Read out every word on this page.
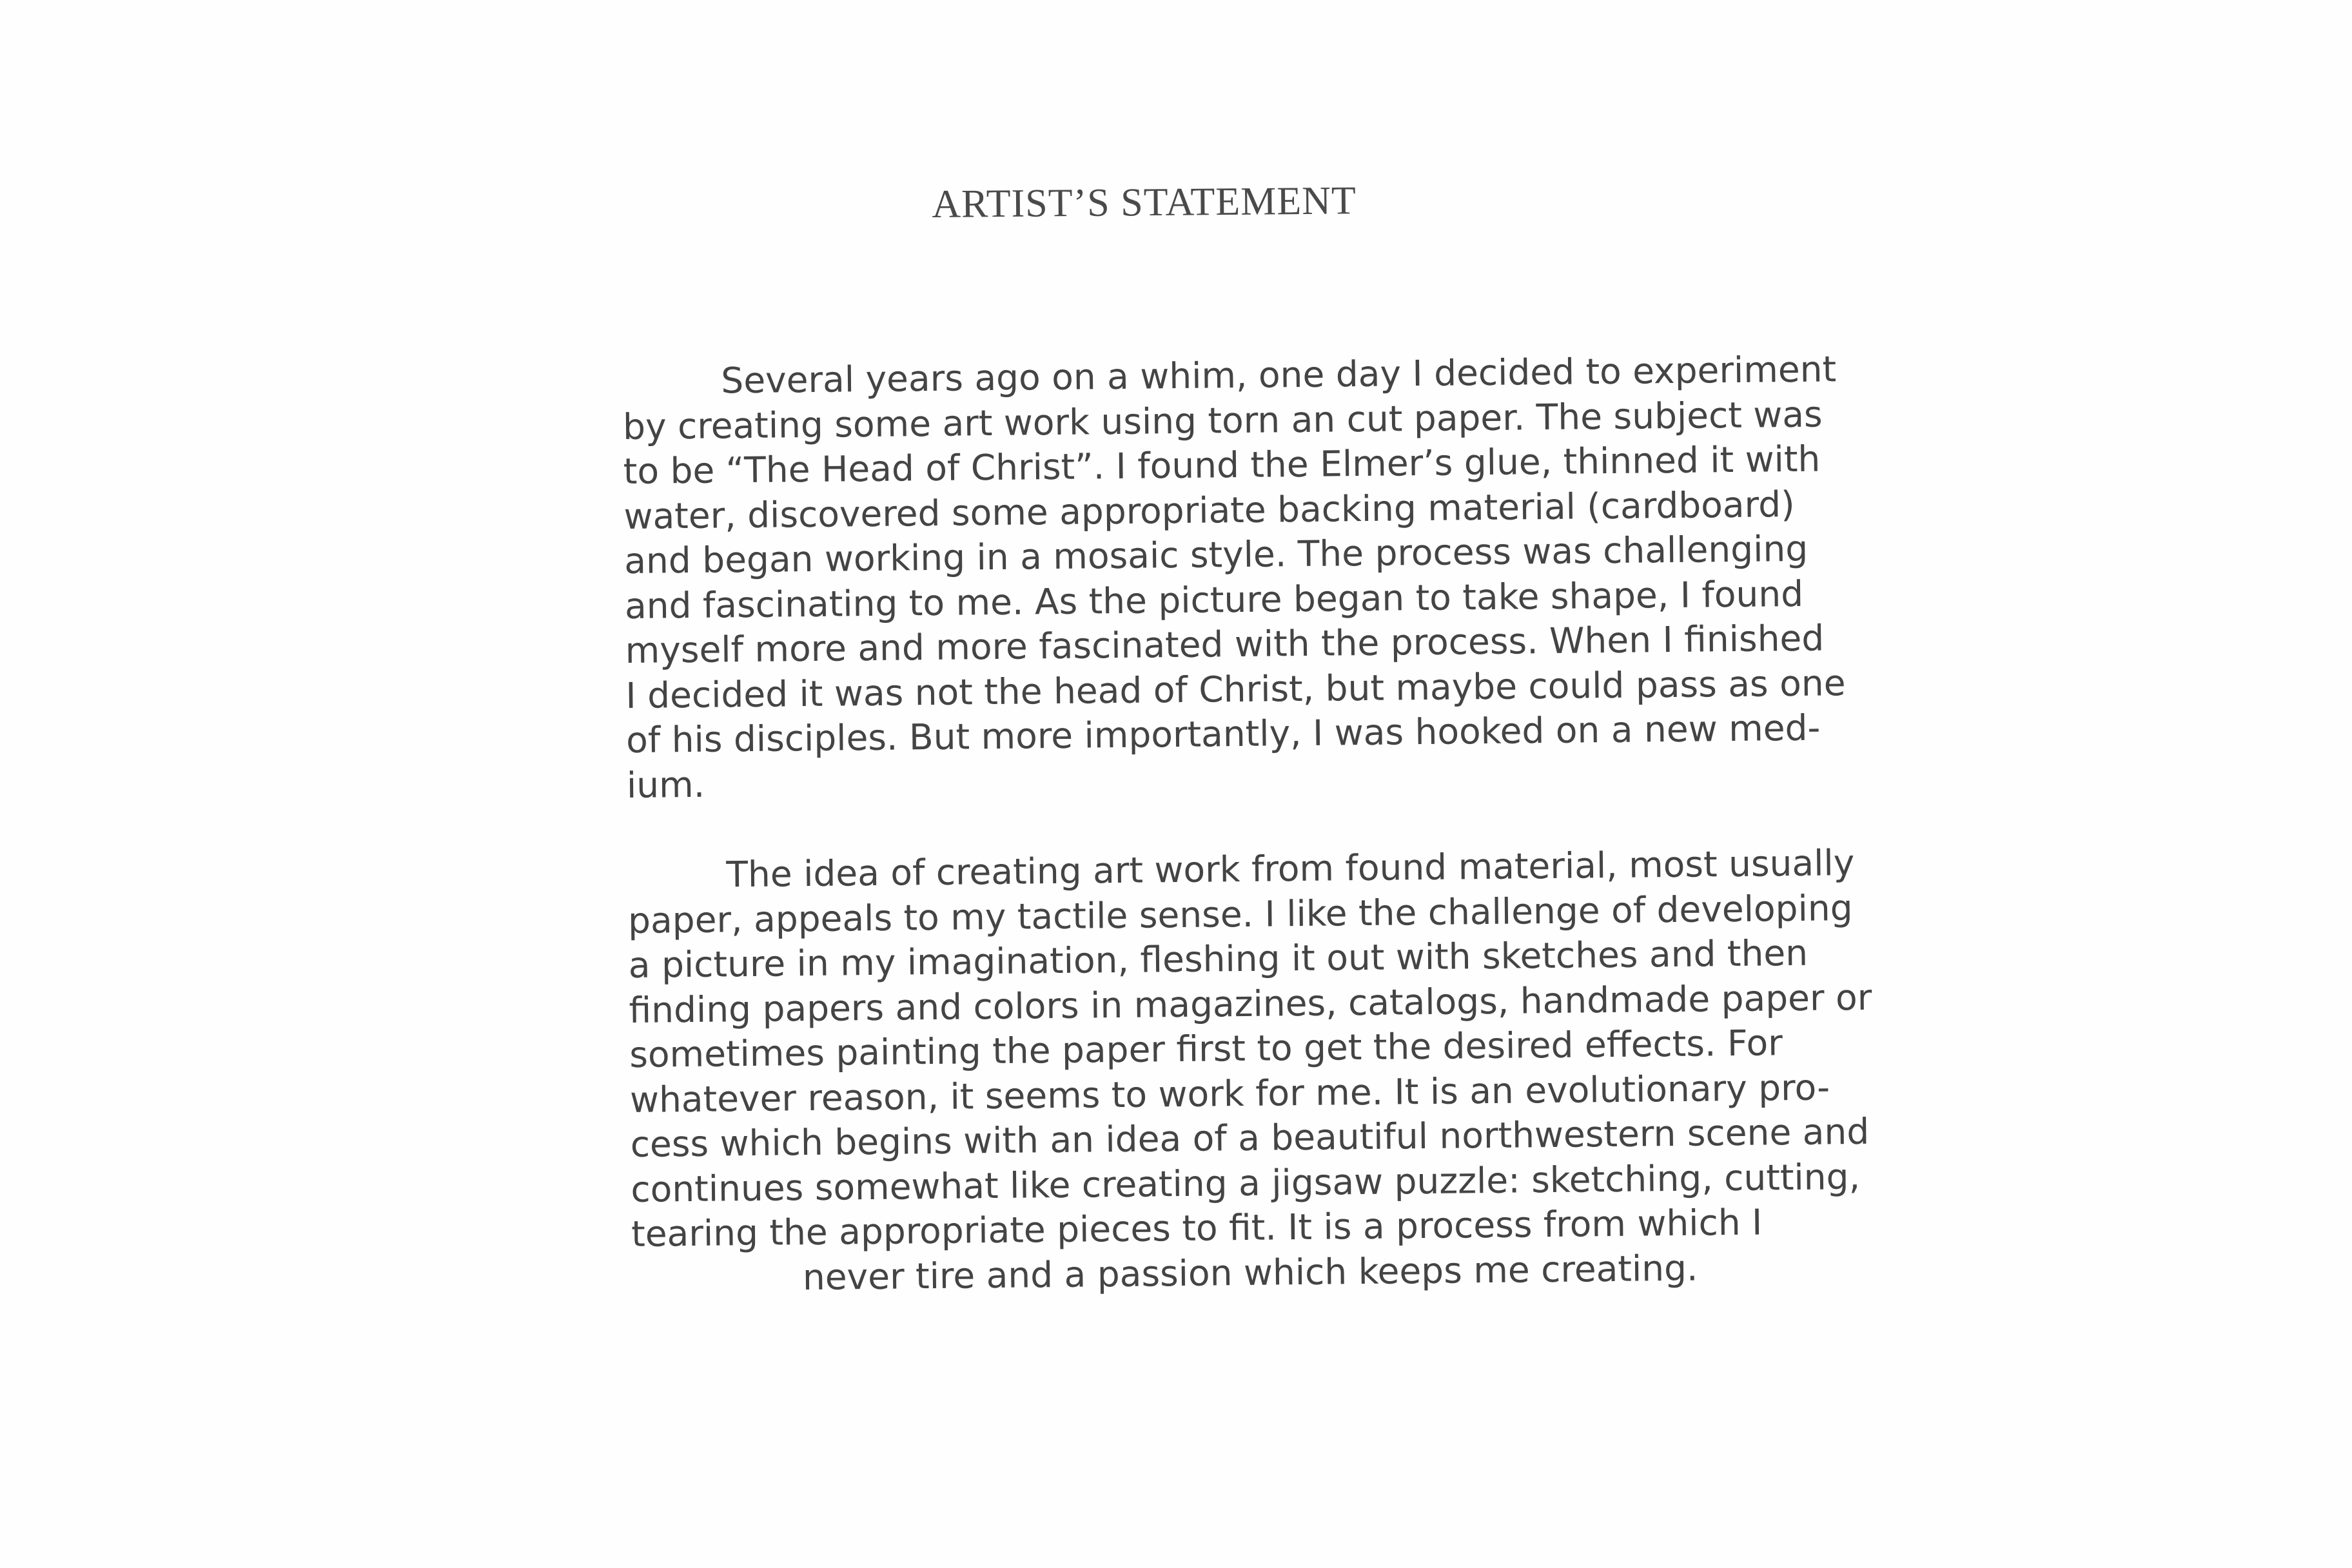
ARTIST’S STATEMENT
Several years ago on a whim, one day I decided to experiment
by creating some art work using torn an cut paper. The subject was
to be “The Head of Christ”. I found the Elmer’s glue, thinned it with
water, discovered some appropriate backing material (cardboard)
and began working in a mosaic style. The process was challenging
and fascinating to me. As the picture began to take shape, I found
myself more and more fascinated with the process. When I finished
I decided it was not the head of Christ, but maybe could pass as one
of his disciples. But more importantly, I was hooked on a new med-
ium.
The idea of creating art work from found material, most usually
paper, appeals to my tactile sense. I like the challenge of developing
a picture in my imagination, fleshing it out with sketches and then
finding papers and colors in magazines, catalogs, handmade paper or
sometimes painting the paper first to get the desired effects. For
whatever reason, it seems to work for me. It is an evolutionary pro-
cess which begins with an idea of a beautiful northwestern scene and
continues somewhat like creating a jigsaw puzzle: sketching, cutting,
tearing the appropriate pieces to fit. It is a process from which I
never tire and a passion which keeps me creating.
